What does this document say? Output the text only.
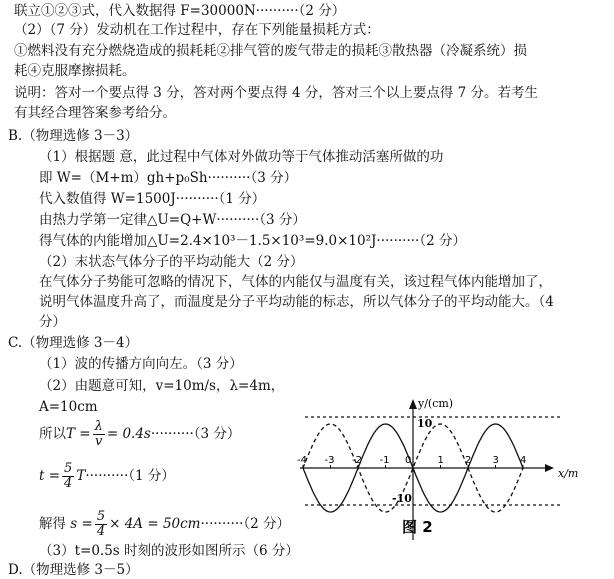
联立①②③式，代入数据得 F=30000N··········（2 分）
（2）（7 分）发动机在工作过程中，存在下列能量损耗方式：
①燃料没有充分燃烧造成的损耗耗②排气管的废气带走的损耗③散热器（冷凝系统）损
耗④克服摩擦损耗。
说明：答对一个要点得 3 分，答对两个要点得 4 分，答对三个以上要点得 7 分。若考生
有其经合理答案参考给分。
B.（物理选修 3－3）
（1）根据题 意，此过程中气体对外做功等于气体推动活塞所做的功
即 W=（M+m）gh+p₀Sh··········（3 分）
代入数值得 W=1500J··········（1 分）
由热力学第一定律△U=Q+W··········（3 分）
得气体的内能增加△U=2.4×10³－1.5×10³=9.0×10²J··········（2 分）
（2）末状态气体分子的平均动能大（2 分）
在气体分子势能可忽略的情况下，气体的内能仅与温度有关，该过程气体内能增加了，
说明气体温度升高了，而温度是分子平均动能的标志，所以气体分子的平均动能大。（4
分）
C.（物理选修 3－4）
（1）波的传播方向向左。（3 分）
（2）由题意可知，v=10m/s，λ=4m，
A=10cm
所以$T = \frac{\lambda}{v} = 0.4s\cdot\cdot\cdot\cdot\cdot\cdot\cdot\cdot\cdot\cdot(3$ 分）
$t = \frac{5}{4} T\cdot\cdot\cdot\cdot\cdot\cdot\cdot\cdot\cdot\cdot(1$ 分）
解得 $s = \frac{5}{4} \times 4A = 50cm\cdot\cdot\cdot\cdot\cdot\cdot\cdot\cdot\cdot\cdot(2$ 分）
（3）t=0.5s 时刻的波形如图所示（6 分）
D.（物理选修 3－5）
-4 -3 -2 -1 0	1 2 3 4
y/(cm)
x/m
10
-10
图 2
